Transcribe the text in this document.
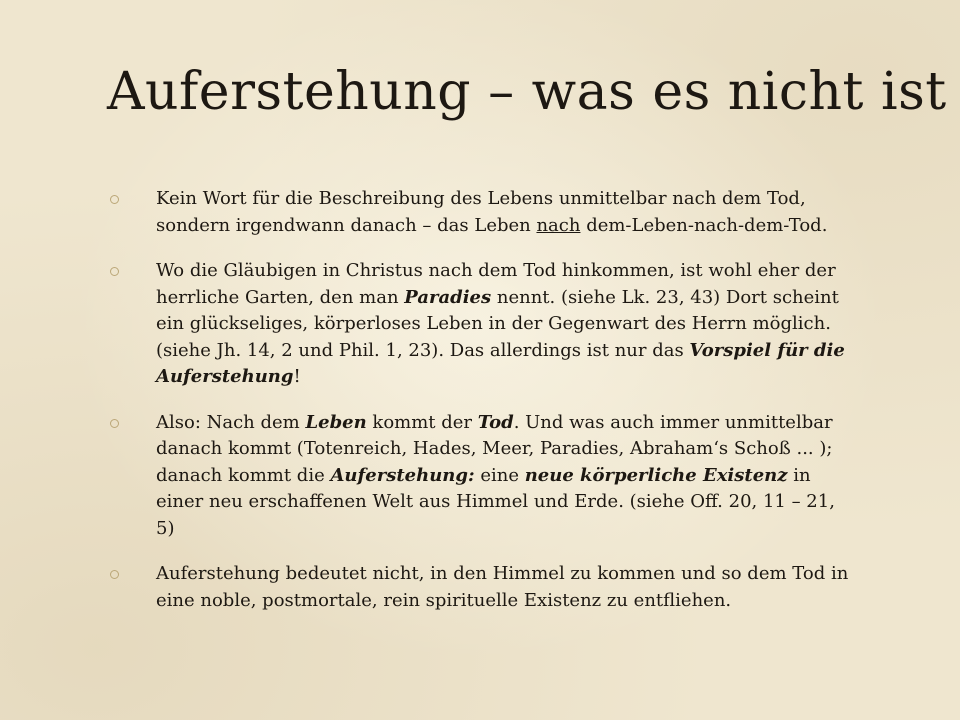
Auferstehung – was es nicht ist
Kein Wort für die Beschreibung des Lebens unmittelbar nach dem Tod, sondern irgendwann danach – das Leben nach dem-Leben-nach-dem-Tod.
Wo die Gläubigen in Christus nach dem Tod hinkommen, ist wohl eher der herrliche Garten, den man Paradies nennt. (siehe Lk. 23, 43) Dort scheint ein glückseliges, körperloses Leben in der Gegenwart des Herrn möglich. (siehe Jh. 14, 2 und Phil. 1, 23). Das allerdings ist nur das Vorspiel für die Auferstehung!
Also: Nach dem Leben kommt der Tod. Und was auch immer unmittelbar danach kommt (Totenreich, Hades, Meer, Paradies, Abraham‘s Schoß ... ); danach kommt die Auferstehung: eine neue körperliche Existenz in einer neu erschaffenen Welt aus Himmel und Erde. (siehe Off. 20, 11 – 21, 5)
Auferstehung bedeutet nicht, in den Himmel zu kommen und so dem Tod in eine noble, postmortale, rein spirituelle Existenz zu entfliehen.
